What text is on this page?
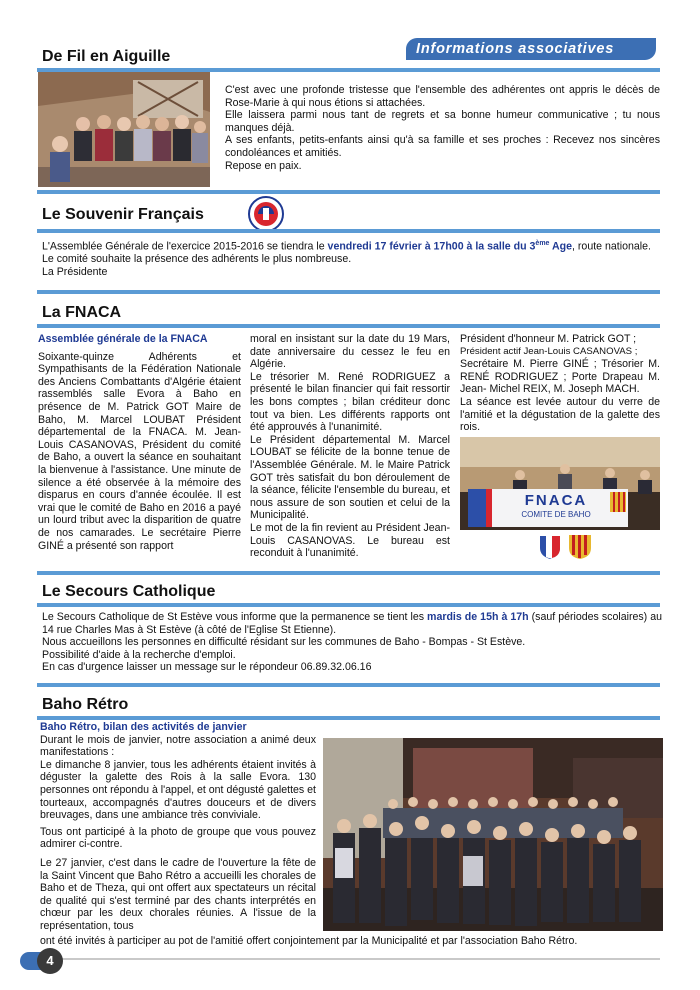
Informations associatives
De Fil en Aiguille

C'est avec une profonde tristesse que l'ensemble des adhérentes ont appris le décès de Rose-Marie à qui nous étions si attachées.

Elle laissera parmi nous tant de regrets et sa bonne humeur communicative ; tu nous manques déjà.

A ses enfants, petits-enfants ainsi qu'à sa famille et ses proches : Recevez nos sincères condoléances et amitiés.

Repose en paix.

Le Souvenir Français

L'Assemblée Générale de l'exercice 2015-2016 se tiendra le vendredi 17 février à 17h00 à la salle du 3ème Age, route nationale.

Le comité souhaite la présence des adhérents le plus nombreuse.

La Présidente

La FNACA

Assemblée générale de la FNACA

Soixante-quinze Adhérents et Sympathisants de la Fédération Nationale des Anciens Combattants d'Algérie étaient rassemblés salle Evora à Baho en présence de M. Patrick GOT Maire de Baho, M. Marcel LOUBAT Président départemental de la FNACA. M. Jean-Louis CASANOVAS, Président du comité de Baho, a ouvert la séance en souhaitant la bienvenue à l'assistance. Une minute de silence a été observée à la mémoire des disparus en cours d'année écoulée. Il est vrai que le comité de Baho en 2016 a payé un lourd tribut avec la disparition de quatre de nos camarades. Le secrétaire Pierre GINÉ a présenté son rapport

moral en insistant sur la date du 19 Mars, date anniversaire du cessez le feu en Algérie.

Le trésorier M. René RODRIGUEZ a présenté le bilan financier qui fait ressortir les bons comptes ; bilan créditeur donc tout va bien. Les différents rapports ont été approuvés à l'unanimité.

Le Président départemental M. Marcel LOUBAT se félicite de la bonne tenue de l'Assemblée Générale. M. le Maire Patrick GOT très satisfait du bon déroulement de la séance, félicite l'ensemble du bureau, et nous assure de son soutien et celui de la Municipalité.

Le mot de la fin revient au Président Jean-Louis CASANOVAS. Le bureau est reconduit à l'unanimité.

Président d'honneur M. Patrick GOT ;

Président actif Jean-Louis CASANOVAS ;

Secrétaire M. Pierre GINÉ ; Trésorier M. RENÉ RODRIGUEZ ; Porte Drapeau M. Jean- Michel REIX, M. Joseph MACH.

La séance est levée autour du verre de l'amitié et la dégustation de la galette des rois.

FNACA
COMITE DE BAHO
Le Secours Catholique

Le Secours Catholique de St Estève vous informe que la permanence se tient les mardis de 15h à 17h (sauf périodes scolaires) au 14 rue Charles Mas à St Estève (à côté de l'Eglise St Etienne).

Nous accueillons les personnes en difficulté résidant sur les communes de Baho - Bompas - St Estève.

Possibilité d'aide à la recherche d'emploi.

En cas d'urgence laisser un message sur le répondeur 06.89.32.06.16

Baho Rétro

Baho Rétro, bilan des activités de janvier

Durant le mois de janvier, notre association a animé deux manifestations :

Le dimanche 8 janvier, tous les adhérents étaient invités à déguster la galette des Rois à la salle Evora. 130 personnes ont répondu à l'appel, et ont dégusté galettes et tourteaux, accompagnés d'autres douceurs et de divers breuvages, dans une ambiance très conviviale.

Tous ont participé à la photo de groupe que vous pouvez admirer ci-contre.

Le 27 janvier, c'est dans le cadre de l'ouverture la fête de la Saint Vincent que Baho Rétro a accueilli les chorales de Baho et de Theza, qui ont offert aux spectateurs un récital de qualité qui s'est terminé par des chants interprétés en chœur par les deux chorales réunies. A l'issue de la représentation, tous

ont été invités à participer au pot de l'amitié offert conjointement par la Municipalité et par l'association Baho Rétro.

4
